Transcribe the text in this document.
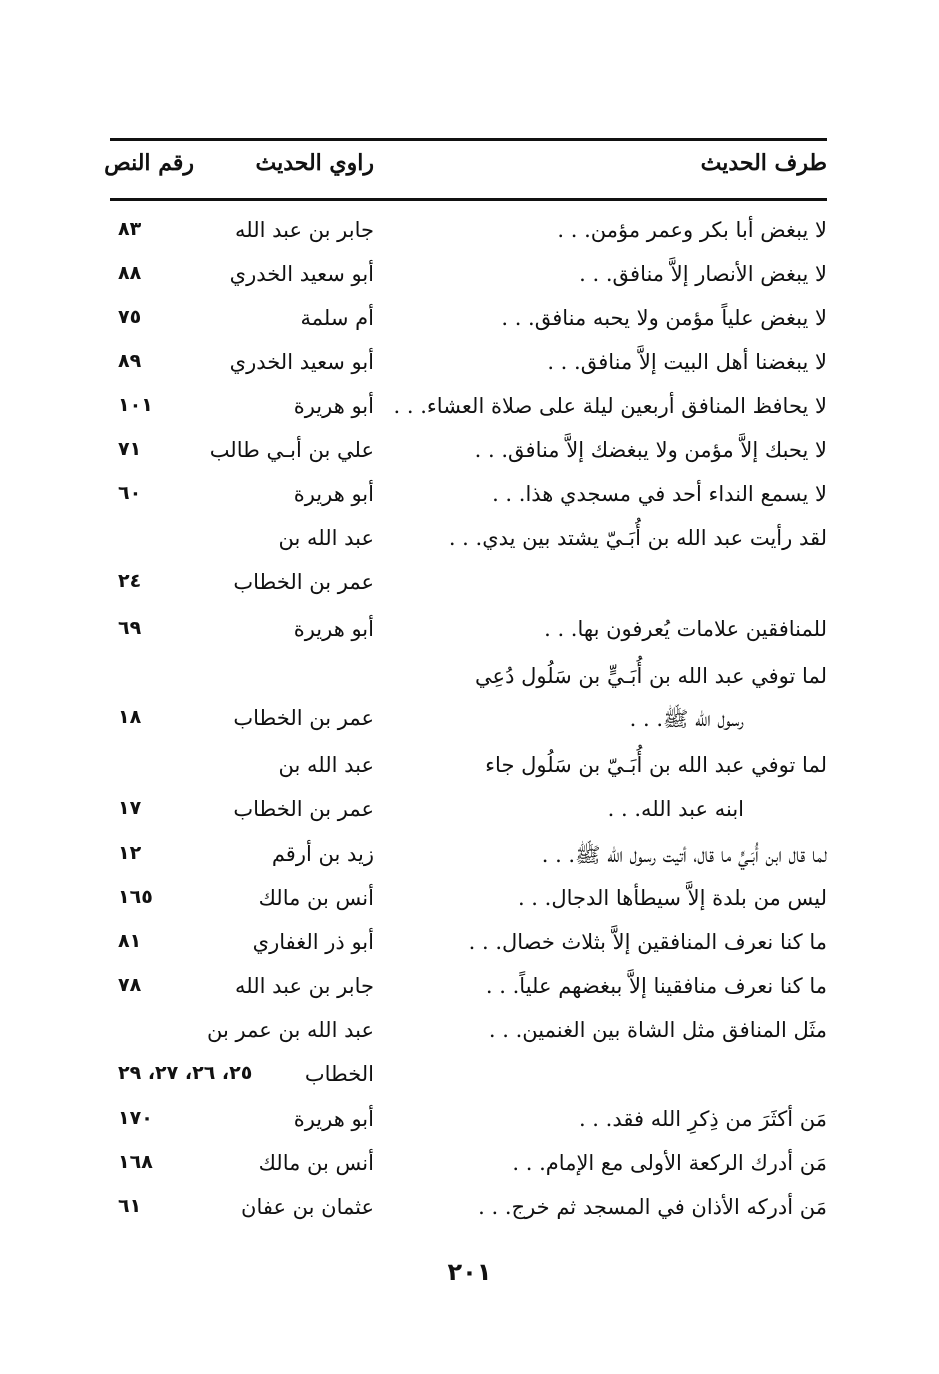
طرف الحديث
راوي الحديث
رقم النص
لا يبغض أبا بكر وعمر مؤمن. . .
جابر بن عبد الله
٨٣
لا يبغض الأنصار إلاَّ منافق. . .
أبو سعيد الخدري
٨٨
لا يبغض علياً مؤمن ولا يحبه منافق. . .
أم سلمة
٧٥
لا يبغضنا أهل البيت إلاَّ منافق. . .
أبو سعيد الخدري
٨٩
لا يحافظ المنافق أربعين ليلة على صلاة العشاء. . .
أبو هريرة
١٠١
لا يحبك إلاَّ مؤمن ولا يبغضك إلاَّ منافق. . .
علي بن أبـي طالب
٧١
لا يسمع النداء أحد في مسجدي هذا. . .
أبو هريرة
٦٠
لقد رأيت عبد الله بن أُبَـيّ يشتد بين يدي. . .
عبد الله بن
عمر بن الخطاب
٢٤
للمنافقين علامات يُعرفون بها. . .
أبو هريرة
٦٩
لما توفي عبد الله بن أُبَـيٍّ بن سَلُول دُعِي
رسول الله ﷺ. . .
عمر بن الخطاب
١٨
لما توفي عبد الله بن أُبَـيّ بن سَلُول جاء
عبد الله بن
ابنه عبد الله. . .
عمر بن الخطاب
١٧
لما قال ابن أُبَـيٍّ ما قال، أتيت رسول الله ﷺ. . .
زيد بن أرقم
١٢
ليس من بلدة إلاَّ سيطأها الدجال. . .
أنس بن مالك
١٦٥
ما كنا نعرف المنافقين إلاَّ بثلاث خصال. . .
أبو ذر الغفاري
٨١
ما كنا نعرف منافقينا إلاَّ ببغضهم علياً. . .
جابر بن عبد الله
٧٨
مثَل المنافق مثل الشاة بين الغنمين. . .
عبد الله بن عمر بن
الخطاب
٢٥، ٢٦، ٢٧، ٢٩
مَن أكثَرَ من ذِكرِ الله فقد. . .
أبو هريرة
١٧٠
مَن أدرك الركعة الأولى مع الإمام. . .
أنس بن مالك
١٦٨
مَن أدركه الأذان في المسجد ثم خرج. . .
عثمان بن عفان
٦١
٢٠١
